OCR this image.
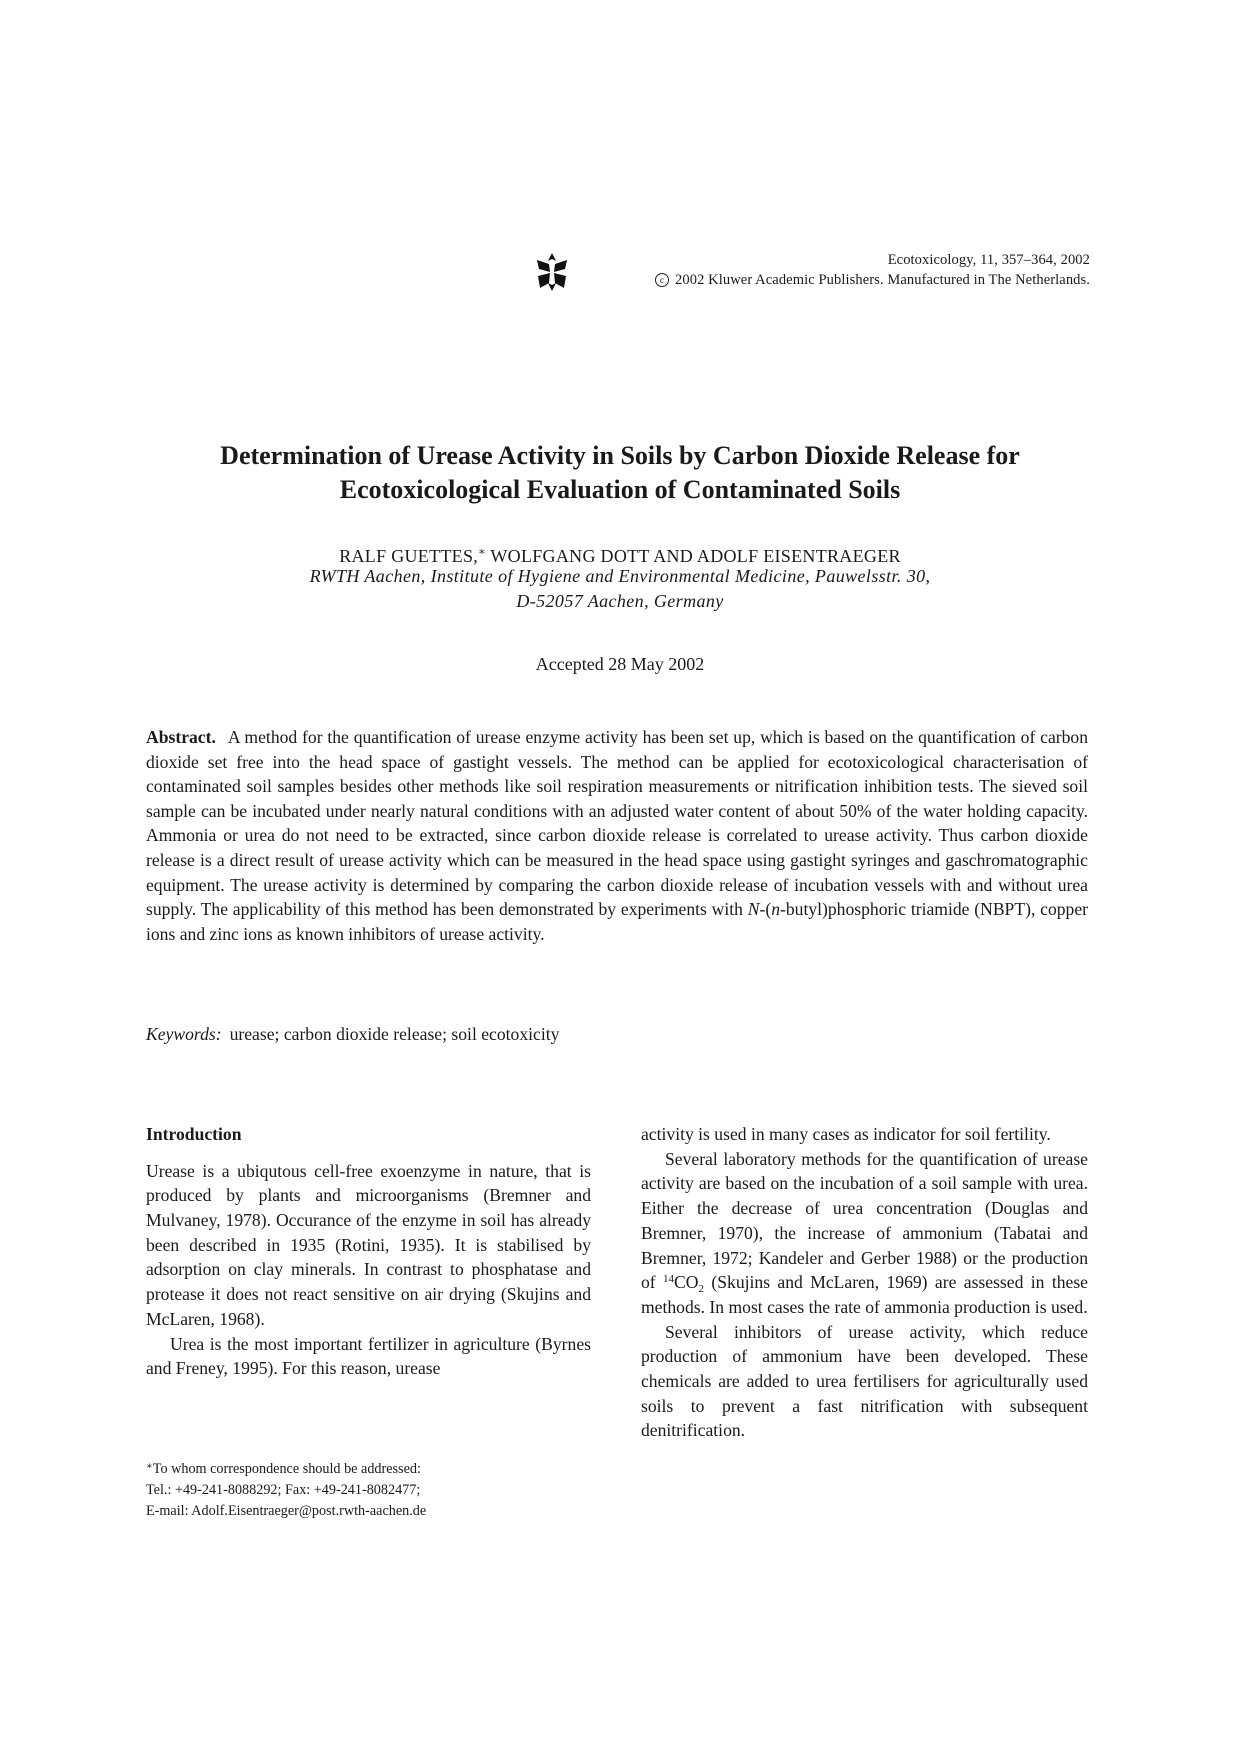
Ecotoxicology, 11, 357–364, 2002
c 2002 Kluwer Academic Publishers. Manufactured in The Netherlands.
Determination of Urease Activity in Soils by Carbon Dioxide Release for
Ecotoxicological Evaluation of Contaminated Soils
RALF GUETTES,∗ WOLFGANG DOTT AND ADOLF EISENTRAEGER
RWTH Aachen, Institute of Hygiene and Environmental Medicine, Pauwelsstr. 30,
D-52057 Aachen, Germany
Accepted 28 May 2002

Abstract. A method for the quantification of urease enzyme activity has been set up, which is based on the quantification of carbon dioxide set free into the head space of gastight vessels. The method can be applied for ecotoxicological characterisation of contaminated soil samples besides other methods like soil respiration measurements or nitrification inhibition tests. The sieved soil sample can be incubated under nearly natural conditions with an adjusted water content of about 50% of the water holding capacity. Ammonia or urea do not need to be extracted, since carbon dioxide release is correlated to urease activity. Thus carbon dioxide release is a direct result of urease activity which can be measured in the head space using gastight syringes and gaschromatographic equipment. The urease activity is determined by comparing the carbon dioxide release of incubation vessels with and without urea supply. The applicability of this method has been demonstrated by experiments with N-(n-butyl)phosphoric triamide (NBPT), copper ions and zinc ions as known inhibitors of urease activity.

Keywords: urease ; carbon dioxide release ; soil ecotoxicity
Introduction

Urease is a ubiqutous cell-free exoenzyme in nature, that is produced by plants and microorganisms (Bremner and Mulvaney, 1978). Occurance of the enzyme in soil has already been described in 1935 (Rotini, 1935). It is stabilised by adsorption on clay minerals. In contrast to phosphatase and protease it does not react sensitive on air drying (Skujins and McLaren, 1968).

Urea is the most important fertilizer in agriculture (Byrnes and Freney, 1995). For this reason, urease

activity is used in many cases as indicator for soil fertility.

Several laboratory methods for the quantification of urease activity are based on the incubation of a soil sample with urea. Either the decrease of urea concentration (Douglas and Bremner, 1970), the increase of ammonium (Tabatai and Bremner, 1972; Kandeler and Gerber 1988) or the production of $^{14}CO_2$ (Skujins and McLaren, 1969) are assessed in these methods. In most cases the rate of ammonia production is used.

Several inhibitors of urease activity, which reduce production of ammonium have been developed. These chemicals are added to urea fertilisers for agriculturally used soils to prevent a fast nitrification with subsequent denitrification.

∗To whom correspondence should be addressed:
Tel.: +49-241-8088292; Fax: +49-241-8082477;
E-mail: Adolf.Eisentraeger@post.rwth-aachen.de
